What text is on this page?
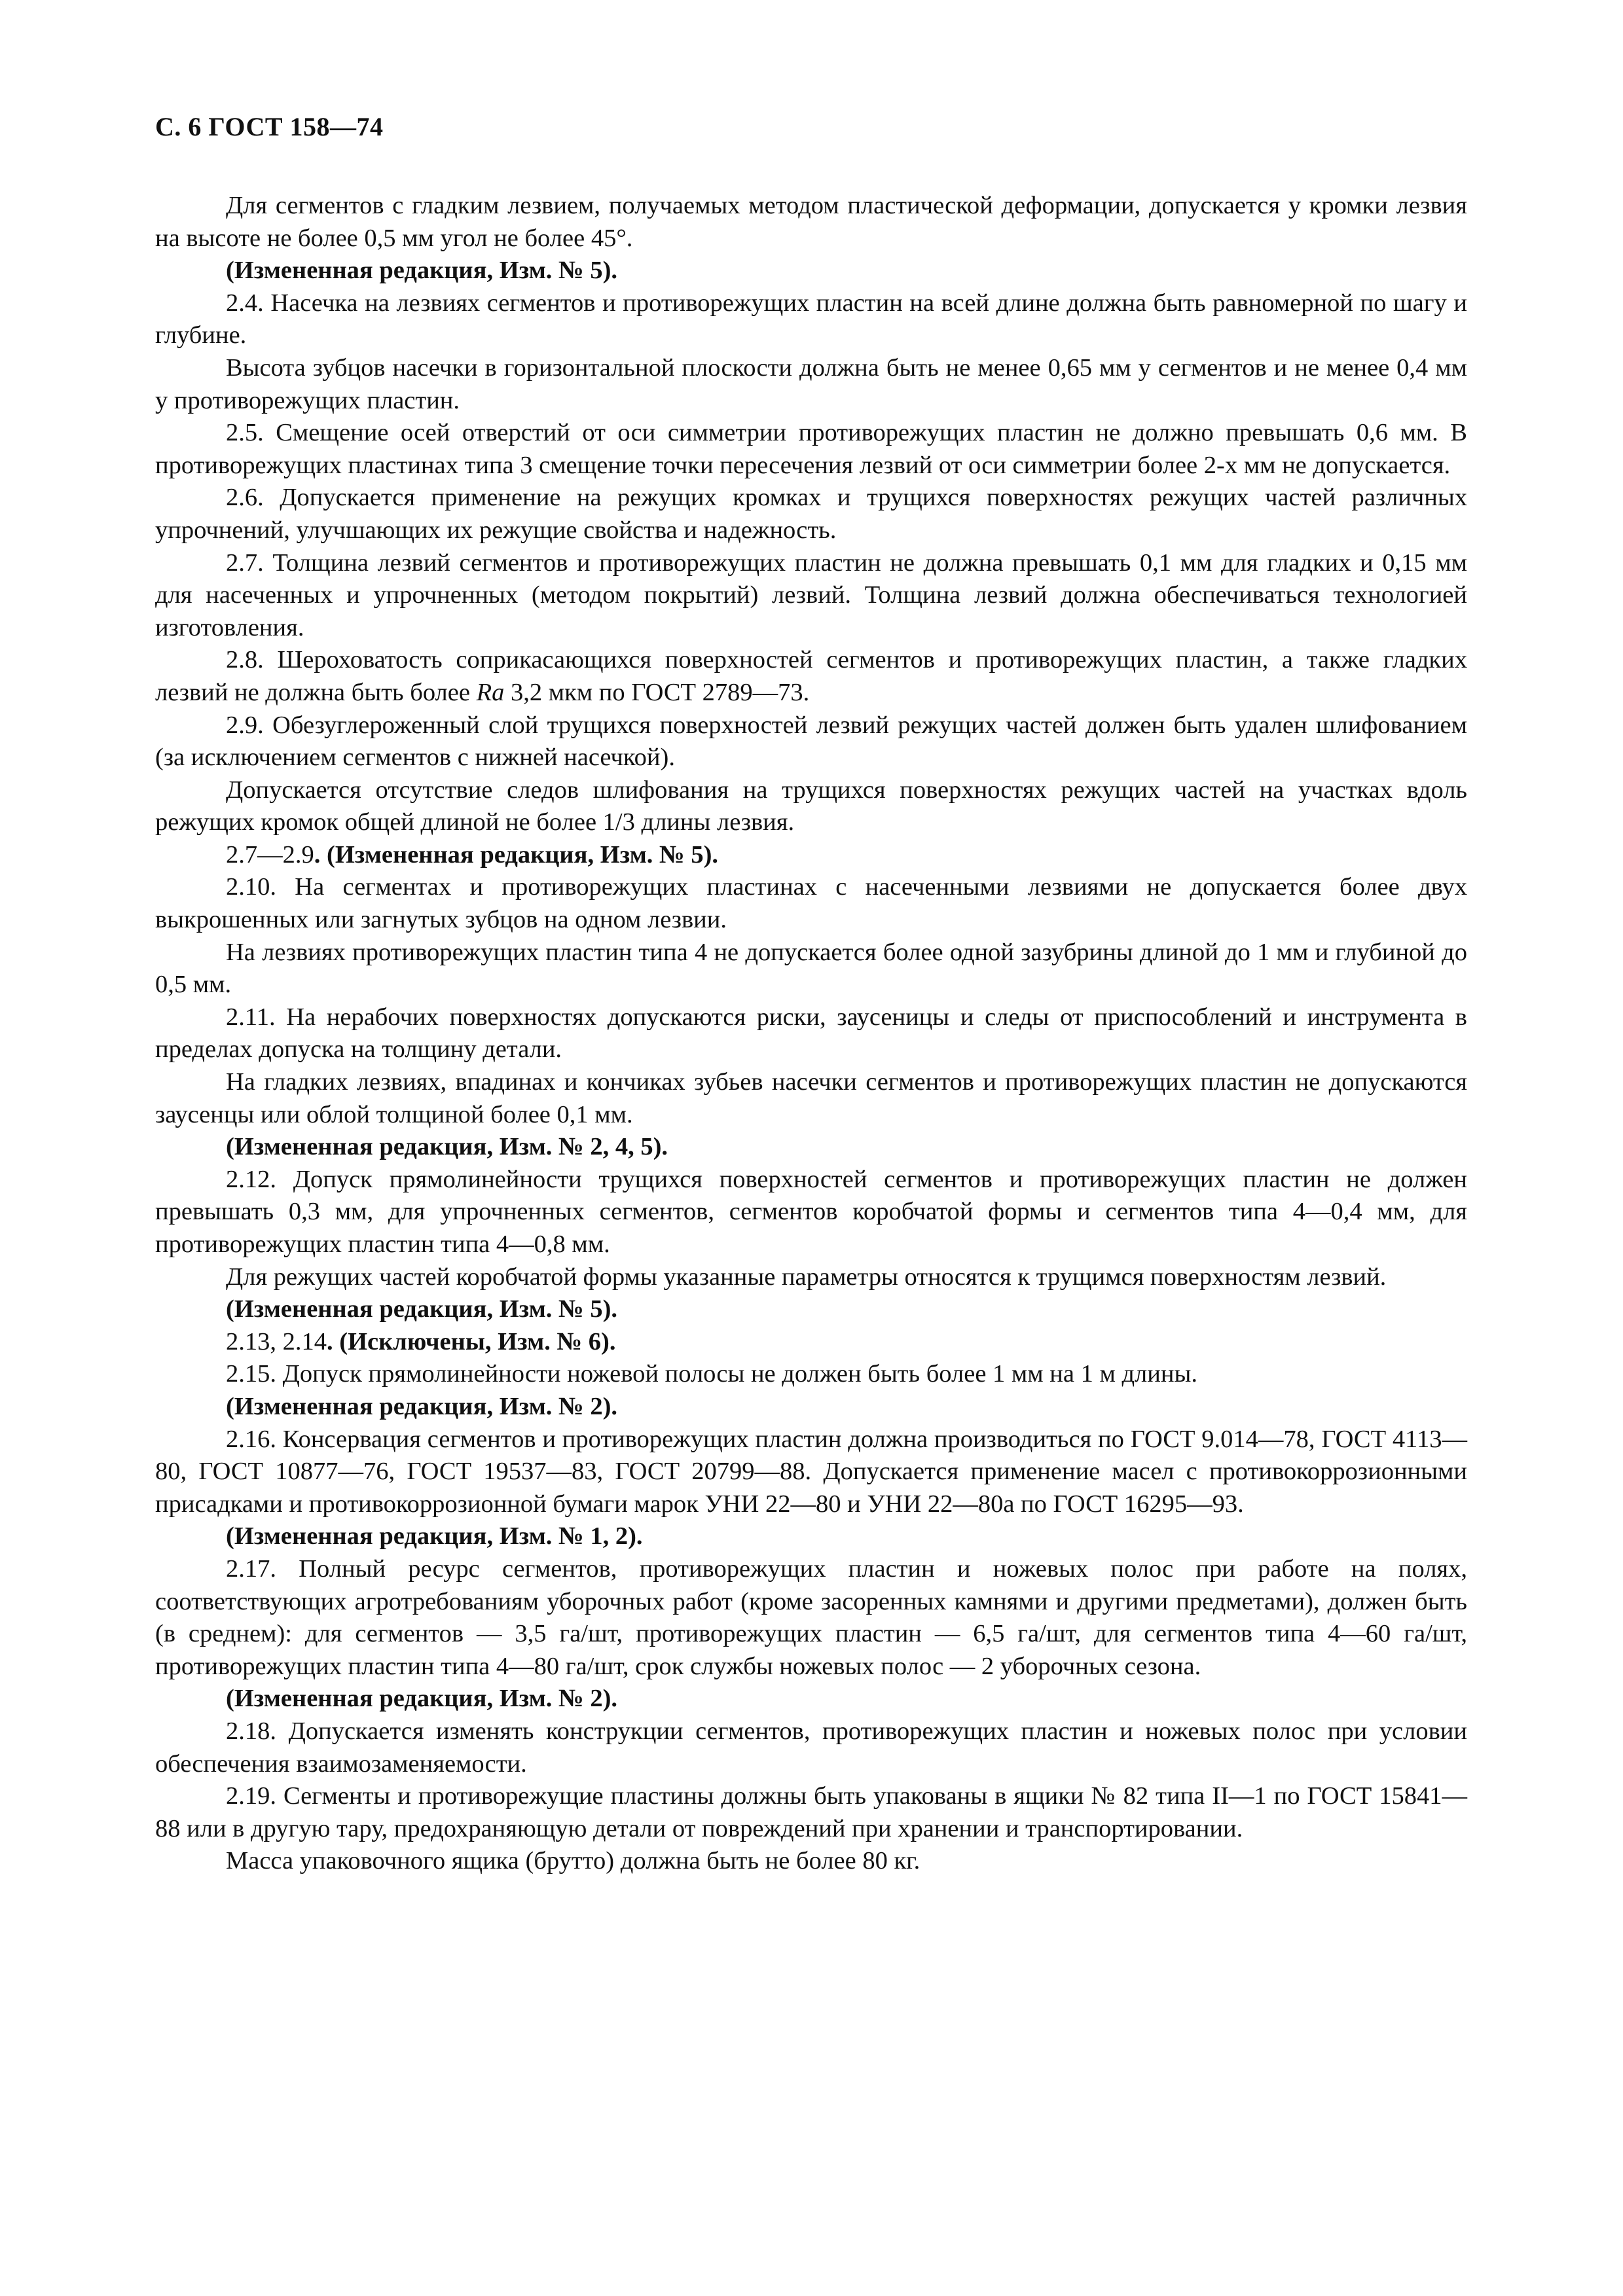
С. 6 ГОСТ 158—74

Для сегментов с гладким лезвием, получаемых методом пластической деформации, допускается у кромки лезвия на высоте не более 0,5 мм угол не более 45°.

(Измененная редакция, Изм. № 5).

2.4. Насечка на лезвиях сегментов и противорежущих пластин на всей длине должна быть равномерной по шагу и глубине.

Высота зубцов насечки в горизонтальной плоскости должна быть не менее 0,65 мм у сегментов и не менее 0,4 мм у противорежущих пластин.

2.5. Смещение осей отверстий от оси симметрии противорежущих пластин не должно превышать 0,6 мм. В противорежущих пластинах типа 3 смещение точки пересечения лезвий от оси симметрии более 2-х мм не допускается.

2.6. Допускается применение на режущих кромках и трущихся поверхностях режущих частей различных упрочнений, улучшающих их режущие свойства и надежность.

2.7. Толщина лезвий сегментов и противорежущих пластин не должна превышать 0,1 мм для гладких и 0,15 мм для насеченных и упрочненных (методом покрытий) лезвий. Толщина лезвий должна обеспечиваться технологией изготовления.

2.8. Шероховатость соприкасающихся поверхностей сегментов и противорежущих пластин, а также гладких лезвий не должна быть более Ra 3,2 мкм по ГОСТ 2789—73.

2.9. Обезуглероженный слой трущихся поверхностей лезвий режущих частей должен быть удален шлифованием (за исключением сегментов с нижней насечкой).

Допускается отсутствие следов шлифования на трущихся поверхностях режущих частей на участках вдоль режущих кромок общей длиной не более 1/3 длины лезвия.

2.7—2.9. (Измененная редакция, Изм. № 5).

2.10. На сегментах и противорежущих пластинах с насеченными лезвиями не допускается более двух выкрошенных или загнутых зубцов на одном лезвии.

На лезвиях противорежущих пластин типа 4 не допускается более одной зазубрины длиной до 1 мм и глубиной до 0,5 мм.

2.11. На нерабочих поверхностях допускаются риски, заусеницы и следы от приспособлений и инструмента в пределах допуска на толщину детали.

На гладких лезвиях, впадинах и кончиках зубьев насечки сегментов и противорежущих пластин не допускаются заусенцы или облой толщиной более 0,1 мм.

(Измененная редакция, Изм. № 2, 4, 5).

2.12. Допуск прямолинейности трущихся поверхностей сегментов и противорежущих пластин не должен превышать 0,3 мм, для упрочненных сегментов, сегментов коробчатой формы и сегментов типа 4—0,4 мм, для противорежущих пластин типа 4—0,8 мм.

Для режущих частей коробчатой формы указанные параметры относятся к трущимся поверхностям лезвий.

(Измененная редакция, Изм. № 5).

2.13, 2.14. (Исключены, Изм. № 6).

2.15. Допуск прямолинейности ножевой полосы не должен быть более 1 мм на 1 м длины.

(Измененная редакция, Изм. № 2).

2.16. Консервация сегментов и противорежущих пластин должна производиться по ГОСТ 9.014—78, ГОСТ 4113—80, ГОСТ 10877—76, ГОСТ 19537—83, ГОСТ 20799—88. Допускается применение масел с противокоррозионными присадками и противокоррозионной бумаги марок УНИ 22—80 и УНИ 22—80а по ГОСТ 16295—93.

(Измененная редакция, Изм. № 1, 2).

2.17. Полный ресурс сегментов, противорежущих пластин и ножевых полос при работе на полях, соответствующих агротребованиям уборочных работ (кроме засоренных камнями и другими предметами), должен быть (в среднем): для сегментов — 3,5 га/шт, противорежущих пластин — 6,5 га/шт, для сегментов типа 4—60 га/шт, противорежущих пластин типа 4—80 га/шт, срок службы ножевых полос — 2 уборочных сезона.

(Измененная редакция, Изм. № 2).

2.18. Допускается изменять конструкции сегментов, противорежущих пластин и ножевых полос при условии обеспечения взаимозаменяемости.

2.19. Сегменты и противорежущие пластины должны быть упакованы в ящики № 82 типа II—1 по ГОСТ 15841—88 или в другую тару, предохраняющую детали от повреждений при хранении и транспортировании.

Масса упаковочного ящика (брутто) должна быть не более 80 кг.
